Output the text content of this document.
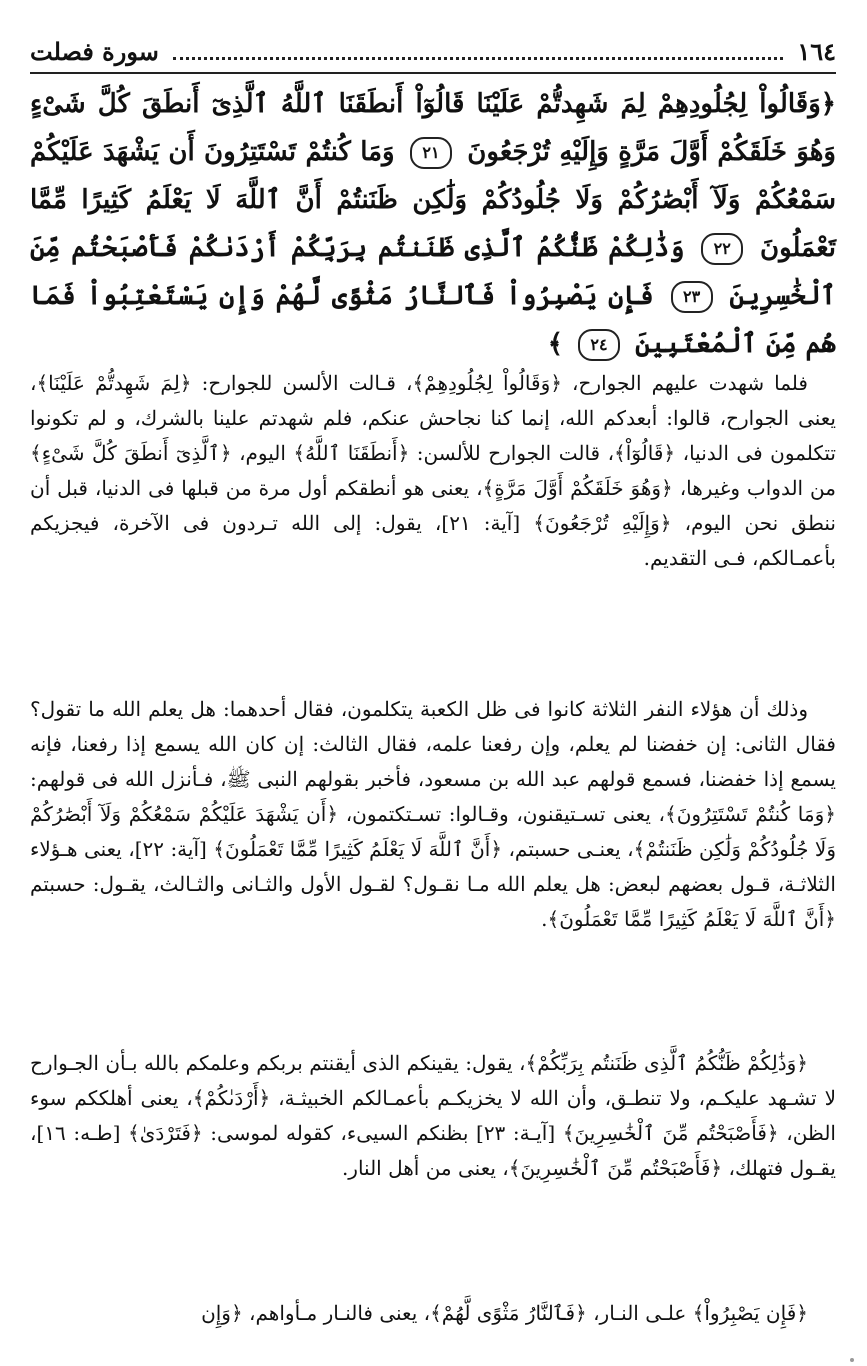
١٦٤
سورة فصلت
﴿وَقَالُواْ لِجُلُودِهِمْ لِمَ شَهِدتُّمْ عَلَيْنَا قَالُوٓاْ أَنطَقَنَا ٱللَّهُ ٱلَّذِىٓ أَنطَقَ كُلَّ شَىْءٍ وَهُوَ خَلَقَكُمْ أَوَّلَ مَرَّةٍ وَإِلَيْهِ تُرْجَعُونَ ٢١ وَمَا كُنتُمْ تَسْتَتِرُونَ أَن يَشْهَدَ عَلَيْكُمْ سَمْعُكُمْ وَلَآ أَبْصَٰرُكُمْ وَلَا جُلُودُكُمْ وَلَٰكِن ظَنَنتُمْ أَنَّ ٱللَّهَ لَا يَعْلَمُ كَثِيرًا مِّمَّا تَعْمَلُونَ ٢٢ وَذَٰلِكُمْ ظَنُّكُمُ ٱلَّذِى ظَنَنتُم بِرَبِّكُمْ أَرْدَىٰكُمْ فَأَصْبَحْتُم مِّنَ ٱلْخَٰسِرِينَ ٢٣ فَإِن يَصْبِرُواْ فَٱلنَّارُ مَثْوًى لَّهُمْ وَإِن يَسْتَعْتِبُواْ فَمَا هُم مِّنَ ٱلْمُعْتَبِينَ ٢٤ ﴾

فلما شهدت عليهم الجوارح، ﴿وَقَالُواْ لِجُلُودِهِمْ﴾، قـالت الألسن للجوارح: ﴿لِمَ شَهِدتُّمْ عَلَيْنَا﴾، يعنى الجوارح، قالوا: أبعدكم الله، إنما كنا نجاحش عنكم، فلم شهدتم علينا بالشرك، و لم تكونوا تتكلمون فى الدنيا، ﴿قَالُوٓاْ﴾، قالت الجوارح للألسن: ﴿أَنطَقَنَا ٱللَّهُ﴾ اليوم، ﴿ٱلَّذِىٓ أَنطَقَ كُلَّ شَىْءٍ﴾ من الدواب وغيرها، ﴿وَهُوَ خَلَقَكُمْ أَوَّلَ مَرَّةٍ﴾، يعنى هو أنطقكم أول مرة من قبلها فى الدنيا، قبل أن ننطق نحن اليوم، ﴿وَإِلَيْهِ تُرْجَعُونَ﴾ [آية: ٢١]، يقول: إلى الله تـردون فى الآخرة، فيجزيكم بأعمـالكم، فـى التقديم.

وذلك أن هؤلاء النفر الثلاثة كانوا فى ظل الكعبة يتكلمون، فقال أحدهما: هل يعلم الله ما تقول؟ فقال الثانى: إن خفضنا لم يعلم، وإن رفعنا علمه، فقال الثالث: إن كان الله يسمع إذا رفعنا، فإنه يسمع إذا خفضنا، فسمع قولهم عبد الله بن مسعود، فأخبر بقولهم النبى ﷺ، فـأنزل الله فى قولهم: ﴿وَمَا كُنتُمْ تَسْتَتِرُونَ﴾، يعنى تسـتيقنون، وقـالوا: تسـتكتمون، ﴿أَن يَشْهَدَ عَلَيْكُمْ سَمْعُكُمْ وَلَآ أَبْصَٰرُكُمْ وَلَا جُلُودُكُمْ وَلَٰكِن ظَنَنتُمْ﴾، يعنـى حسبتم، ﴿أَنَّ ٱللَّهَ لَا يَعْلَمُ كَثِيرًا مِّمَّا تَعْمَلُونَ﴾ [آية: ٢٢]، يعنى هـؤلاء الثلاثـة، قـول بعضهم لبعض: هل يعلم الله مـا نقـول؟ لقـول الأول والثـانى والثـالث، يقـول: حسبتم ﴿أَنَّ ٱللَّهَ لَا يَعْلَمُ كَثِيرًا مِّمَّا تَعْمَلُونَ﴾.

﴿وَذَٰلِكُمْ ظَنُّكُمُ ٱلَّذِى ظَنَنتُم بِرَبِّكُمْ﴾، يقول: يقينكم الذى أيقنتم بربكم وعلمكم بالله بـأن الجـوارح لا تشـهد عليكـم، ولا تنطـق، وأن الله لا يخزيكـم بأعمـالكم الخبيثـة، ﴿أَرْدَىٰكُمْ﴾، يعنى أهلككم سوء الظن، ﴿فَأَصْبَحْتُم مِّنَ ٱلْخَٰسِرِينَ﴾ [آيـة: ٢٣] بظنكم السيىء، كقوله لموسى: ﴿فَتَرْدَىٰ﴾ [طـه: ١٦]، يقـول فتهلك، ﴿فَأَصْبَحْتُم مِّنَ ٱلْخَٰسِرِينَ﴾، يعنى من أهل النار.

﴿فَإِن يَصْبِرُواْ﴾ علـى النـار، ﴿فَٱلنَّارُ مَثْوًى لَّهُمْ﴾، يعنى فالنـار مـأواهم، ﴿وَإِن
